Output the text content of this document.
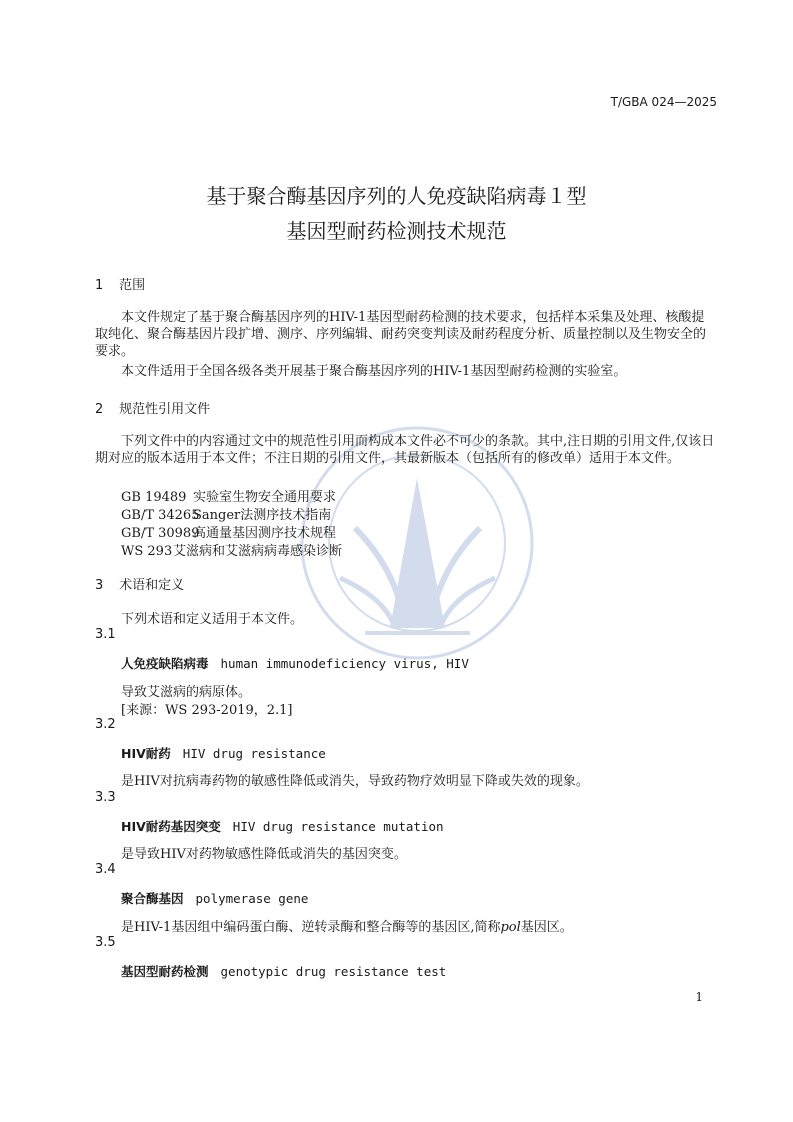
T/GBA 024—2025
基于聚合酶基因序列的人免疫缺陷病毒１型
基因型耐药检测技术规范
1 范围
本文件规定了基于聚合酶基因序列的HIV-1基因型耐药检测的技术要求，包括样本采集及处理、核酸提取纯化、聚合酶基因片段扩增、测序、序列编辑、耐药突变判读及耐药程度分析、质量控制以及生物安全的要求。
本文件适用于全国各级各类开展基于聚合酶基因序列的HIV-1基因型耐药检测的实验室。
2 规范性引用文件
下列文件中的内容通过文中的规范性引用而构成本文件必不可少的条款。其中,注日期的引用文件,仅该日期对应的版本适用于本文件；不注日期的引用文件，其最新版本（包括所有的修改单）适用于本文件。
GB 19489 实验室生物安全通用要求
GB/T 34265Sanger法测序技术指南
GB/T 30989高通量基因测序技术规程
WS 293艾滋病和艾滋病病毒感染诊断
3 术语和定义
下列术语和定义适用于本文件。
3.1
人免疫缺陷病毒 human immunodeficiency virus, HIV
导致艾滋病的病原体。
[来源：WS 293-2019，2.1]
3.2
HIV耐药 HIV drug resistance
是HIV对抗病毒药物的敏感性降低或消失，导致药物疗效明显下降或失效的现象。
3.3
HIV耐药基因突变 HIV drug resistance mutation
是导致HIV对药物敏感性降低或消失的基因突变。
3.4
聚合酶基因 polymerase gene
是HIV-1基因组中编码蛋白酶、逆转录酶和整合酶等的基因区,简称pol基因区。
3.5
基因型耐药检测 genotypic drug resistance test
1
